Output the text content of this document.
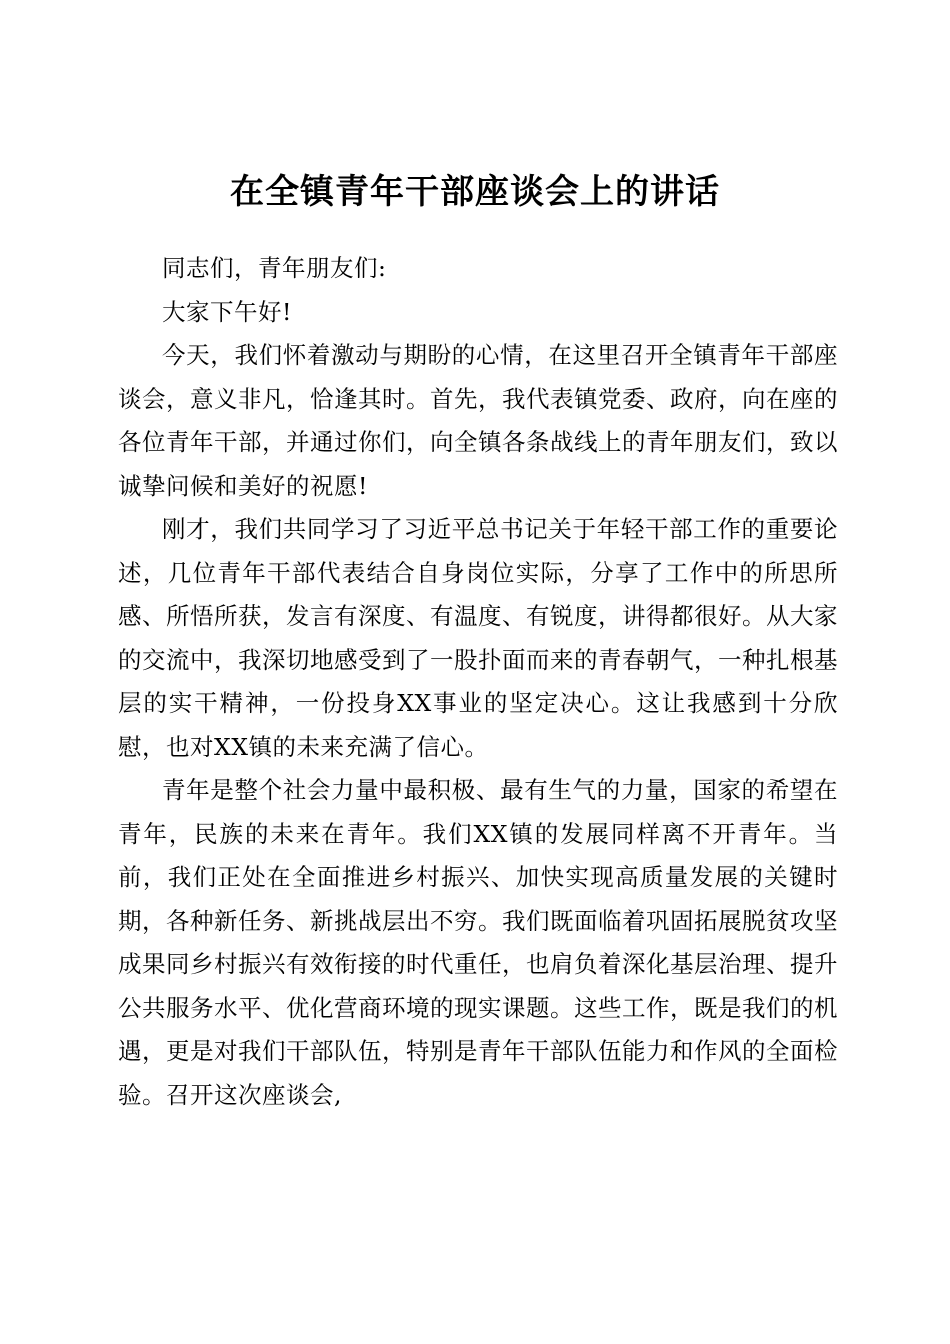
在全镇青年干部座谈会上的讲话

同志们，青年朋友们:

大家下午好!

今天，我们怀着激动与期盼的心情，在这里召开全镇青年干部座谈会，意义非凡，恰逢其时。首先，我代表镇党委、政府，向在座的各位青年干部，并通过你们，向全镇各条战线上的青年朋友们，致以诚挚问候和美好的祝愿!

刚才，我们共同学习了习近平总书记关于年轻干部工作的重要论述，几位青年干部代表结合自身岗位实际，分享了工作中的所思所感、所悟所获，发言有深度、有温度、有锐度，讲得都很好。从大家的交流中，我深切地感受到了一股扑面而来的青春朝气，一种扎根基层的实干精神，一份投身XX事业的坚定决心。这让我感到十分欣慰，也对XX镇的未来充满了信心。

青年是整个社会力量中最积极、最有生气的力量，国家的希望在青年，民族的未来在青年。我们XX镇的发展同样离不开青年。当前，我们正处在全面推进乡村振兴、加快实现高质量发展的关键时期，各种新任务、新挑战层出不穷。我们既面临着巩固拓展脱贫攻坚成果同乡村振兴有效衔接的时代重任，也肩负着深化基层治理、提升公共服务水平、优化营商环境的现实课题。这些工作，既是我们的机遇，更是对我们干部队伍，特别是青年干部队伍能力和作风的全面检验。召开这次座谈会,
